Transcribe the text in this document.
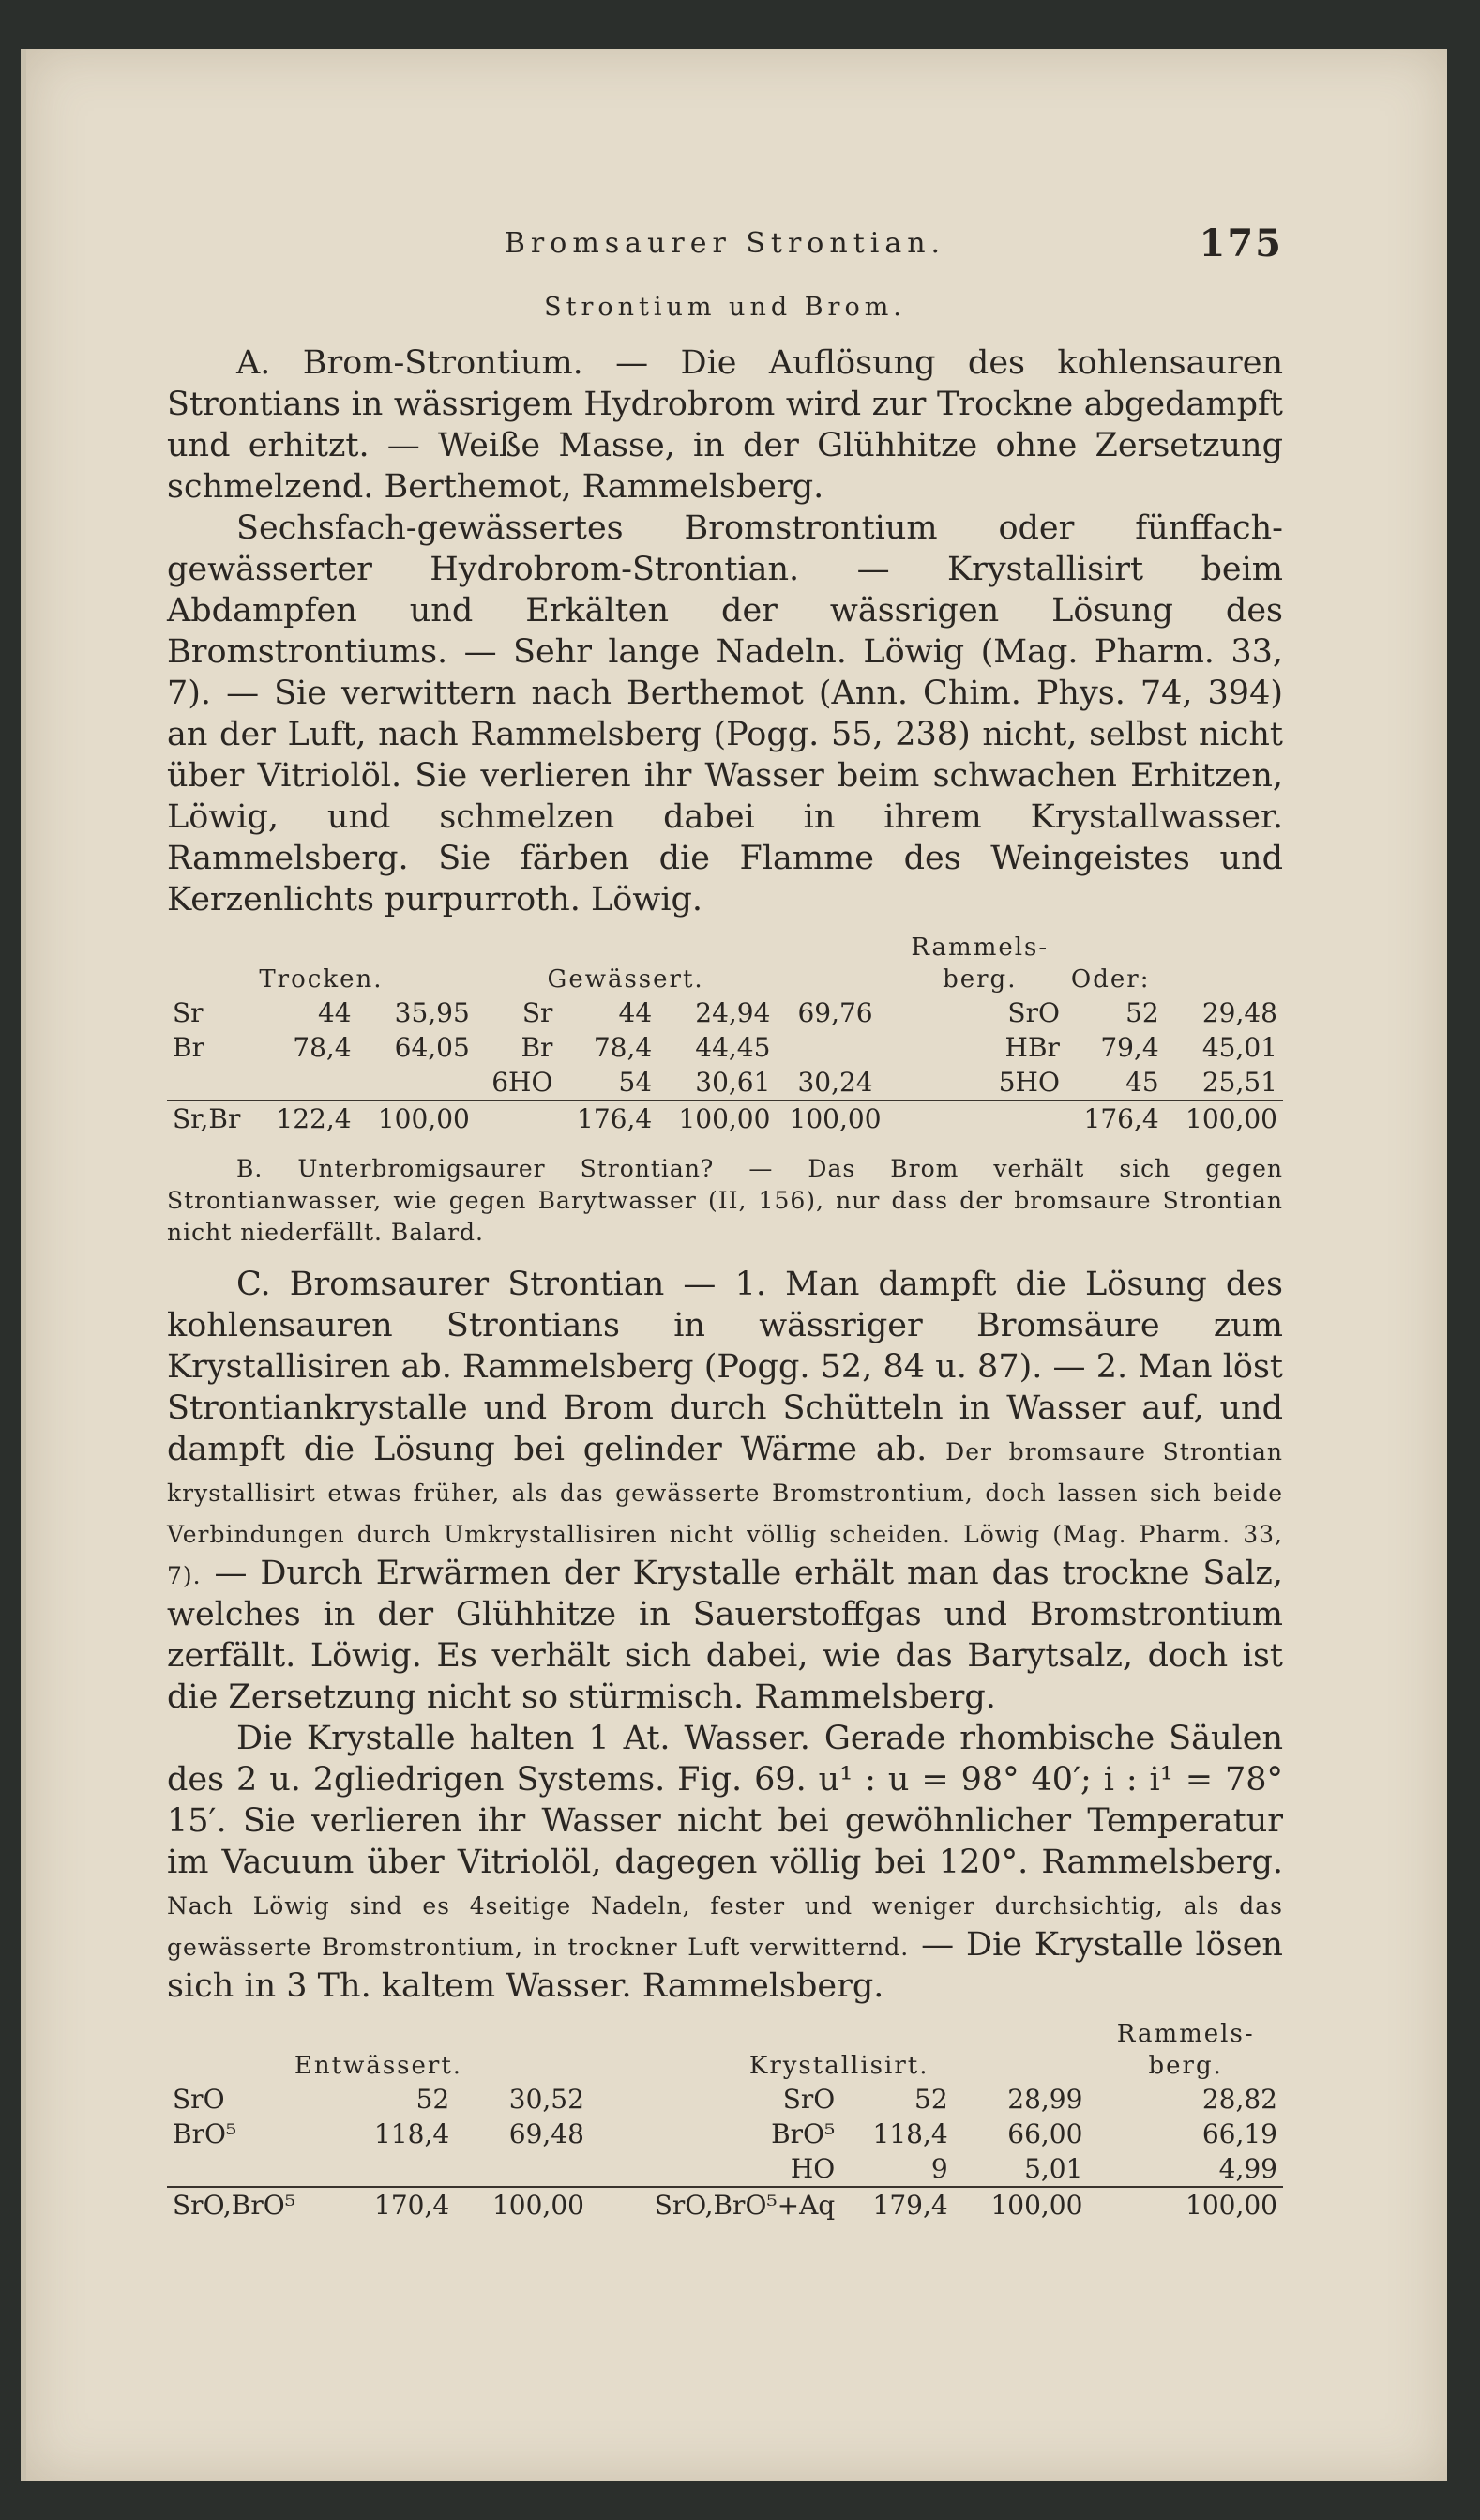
Bromsaurer Strontian.	175
Strontium und Brom.

A. Brom-Strontium. — Die Auflösung des kohlensauren Strontians in wässrigem Hydrobrom wird zur Trockne abgedampft und erhitzt. — Weiße Masse, in der Glühhitze ohne Zersetzung schmelzend. Berthemot, Rammelsberg.

Sechsfach-gewässertes Bromstrontium oder fünffach-gewässerter Hydrobrom-Strontian. — Krystallisirt beim Abdampfen und Erkälten der wässrigen Lösung des Bromstrontiums. — Sehr lange Nadeln. Löwig (Mag. Pharm. 33, 7). — Sie verwittern nach Berthemot (Ann. Chim. Phys. 74, 394) an der Luft, nach Rammelsberg (Pogg. 55, 238) nicht, selbst nicht über Vitriolöl. Sie verlieren ihr Wasser beim schwachen Erhitzen, Löwig, und schmelzen dabei in ihrem Krystallwasser. Rammelsberg. Sie färben die Flamme des Weingeistes und Kerzenlichts purpurroth. Löwig.

							Rammels-		
Trocken.			Gewässert.				berg.	Oder:	
Sr	44	35,95	Sr	44	24,94	69,76	SrO	52	29,48
Br	78,4	64,05	Br	78,4	44,45		HBr	79,4	45,01
			6HO	54	30,61	30,24	5HO	45	25,51
Sr,Br	122,4	100,00		176,4	100,00	100,00		176,4	100,00

B. Unterbromigsaurer Strontian? — Das Brom verhält sich gegen Strontianwasser, wie gegen Barytwasser (II, 156), nur dass der bromsaure Strontian nicht niederfällt. Balard.

C. Bromsaurer Strontian — 1. Man dampft die Lösung des kohlensauren Strontians in wässriger Bromsäure zum Krystallisiren ab. Rammelsberg (Pogg. 52, 84 u. 87). — 2. Man löst Strontiankrystalle und Brom durch Schütteln in Wasser auf, und dampft die Lösung bei gelinder Wärme ab. Der bromsaure Strontian krystallisirt etwas früher, als das gewässerte Bromstrontium, doch lassen sich beide Verbindungen durch Umkrystallisiren nicht völlig scheiden. Löwig (Mag. Pharm. 33, 7). — Durch Erwärmen der Krystalle erhält man das trockne Salz, welches in der Glühhitze in Sauerstoffgas und Bromstrontium zerfällt. Löwig. Es verhält sich dabei, wie das Barytsalz, doch ist die Zersetzung nicht so stürmisch. Rammelsberg.

Die Krystalle halten 1 At. Wasser. Gerade rhombische Säulen des 2 u. 2gliedrigen Systems. Fig. 69. u¹ : u = 98° 40′; i : i¹ = 78° 15′. Sie verlieren ihr Wasser nicht bei gewöhnlicher Temperatur im Vacuum über Vitriolöl, dagegen völlig bei 120°. Rammelsberg. Nach Löwig sind es 4seitige Nadeln, fester und weniger durchsichtig, als das gewässerte Bromstrontium, in trockner Luft verwitternd. — Die Krystalle lösen sich in 3 Th. kaltem Wasser. Rammelsberg.

						Rammels-
Entwässert.			Krystallisirt.			berg.
SrO	52	30,52	SrO	52	28,99	28,82
BrO⁵	118,4	69,48	BrO⁵	118,4	66,00	66,19
			HO	9	5,01	4,99
SrO,BrO⁵	170,4	100,00	SrO,BrO⁵+Aq	179,4	100,00	100,00
